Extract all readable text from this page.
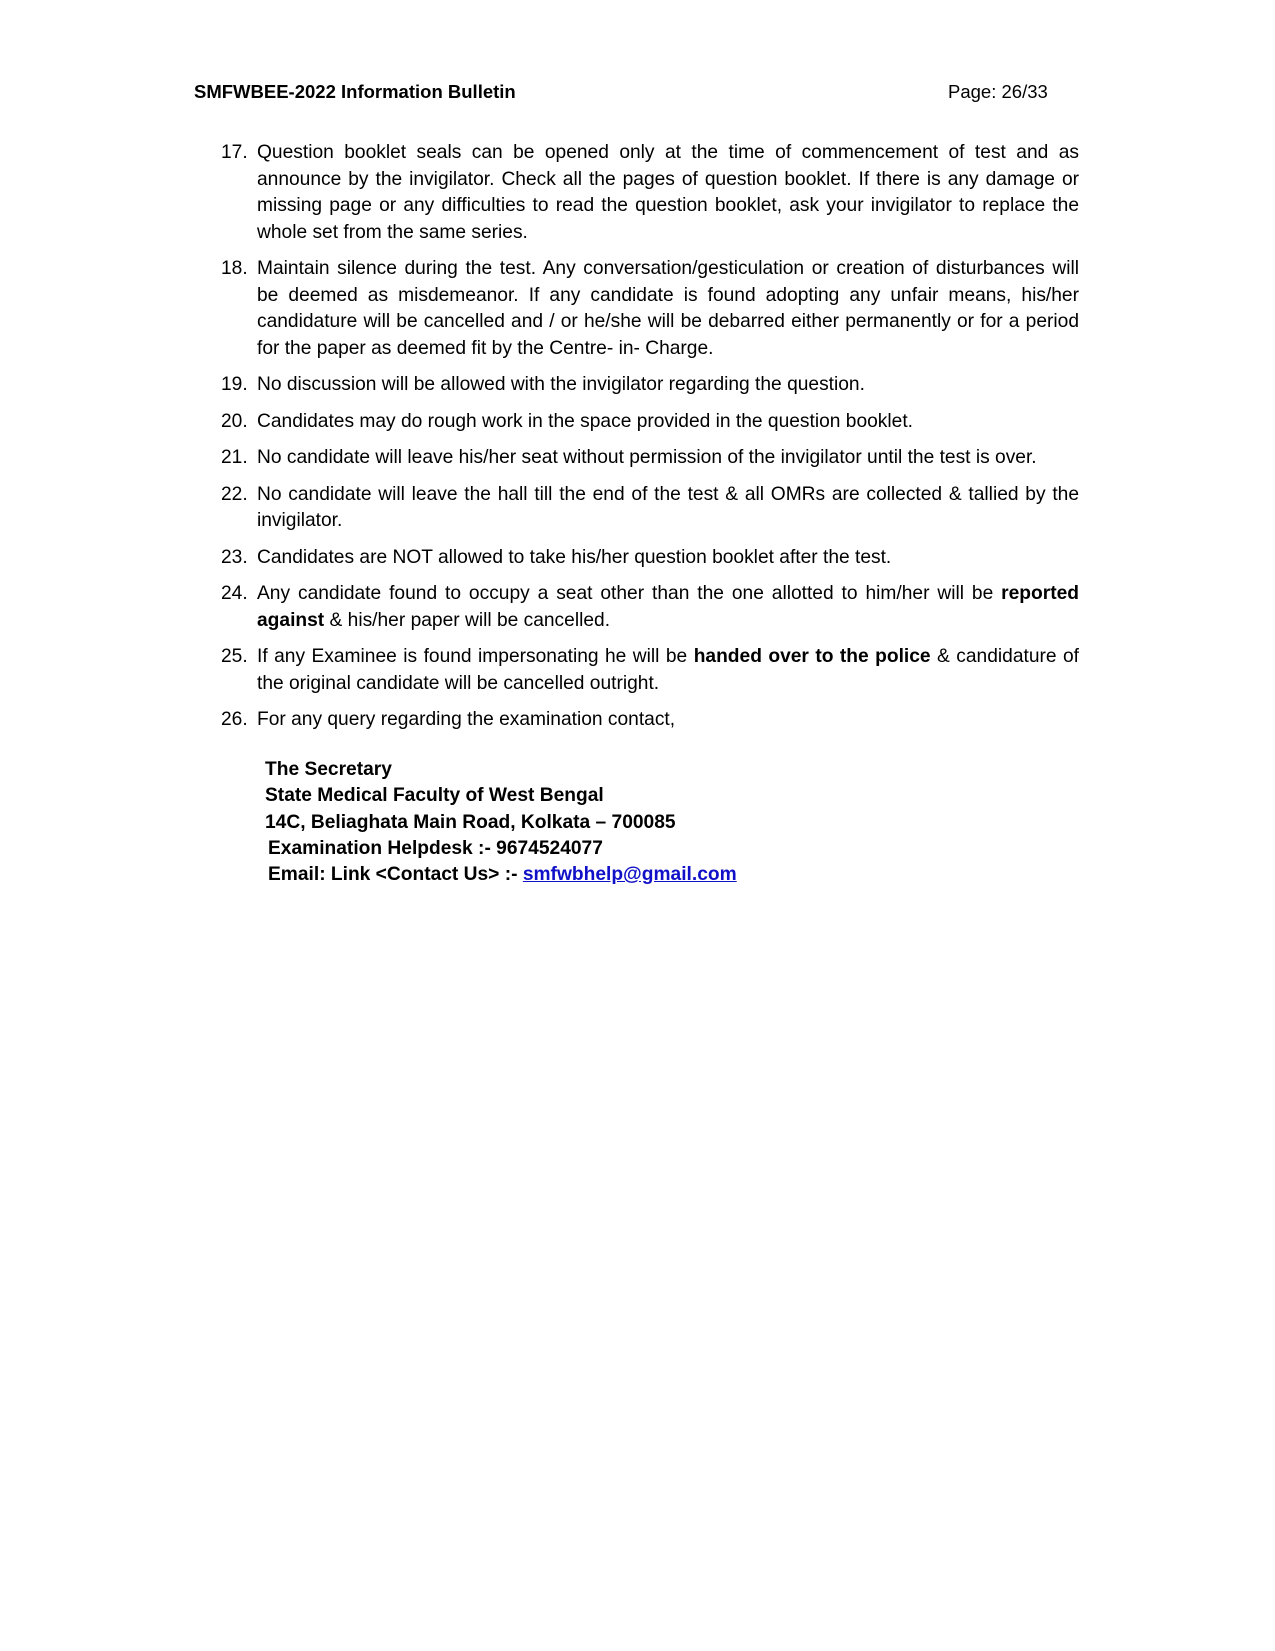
SMFWBEE-2022 Information Bulletin	Page: 26/33
17. Question booklet seals can be opened only at the time of commencement of test and as announce by the invigilator. Check all the pages of question booklet. If there is any damage or missing page or any difficulties to read the question booklet, ask your invigilator to replace the whole set from the same series.
18. Maintain silence during the test. Any conversation/gesticulation or creation of disturbances will be deemed as misdemeanor. If any candidate is found adopting any unfair means, his/her candidature will be cancelled and / or he/she will be debarred either permanently or for a period for the paper as deemed fit by the Centre- in- Charge.
19. No discussion will be allowed with the invigilator regarding the question.
20. Candidates may do rough work in the space provided in the question booklet.
21. No candidate will leave his/her seat without permission of the invigilator until the test is over.
22. No candidate will leave the hall till the end of the test & all OMRs are collected & tallied by the invigilator.
23. Candidates are NOT allowed to take his/her question booklet after the test.
24. Any candidate found to occupy a seat other than the one allotted to him/her will be reported against & his/her paper will be cancelled.
25. If any Examinee is found impersonating he will be handed over to the police & candidature of the original candidate will be cancelled outright.
26. For any query regarding the examination contact,
The Secretary
State Medical Faculty of West Bengal
14C, Beliaghata Main Road, Kolkata – 700085
Examination Helpdesk :- 9674524077
Email: Link <Contact Us> :- smfwbhelp@gmail.com
